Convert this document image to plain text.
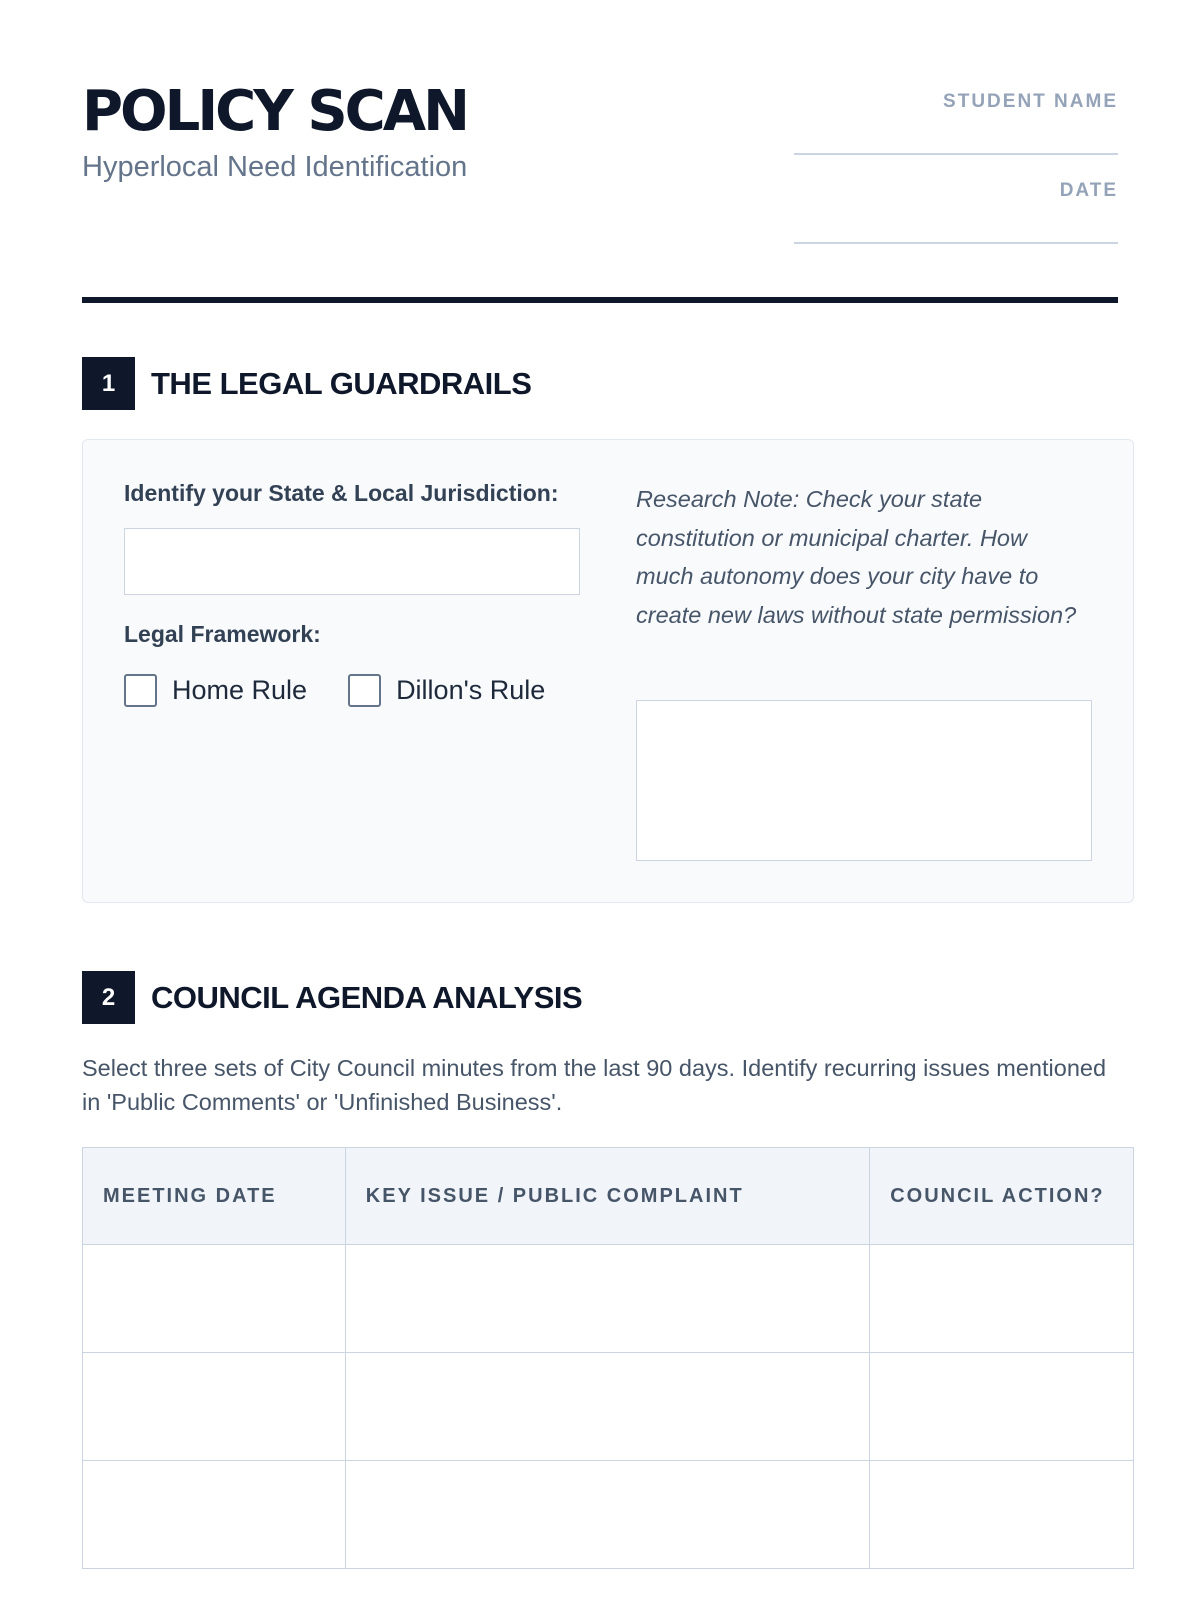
POLICY SCAN
Hyperlocal Need Identification
STUDENT NAME
DATE
1	THE LEGAL GUARDRAILS
Identify your State & Local Jurisdiction:
Legal Framework:
Home Rule	Dillon's Rule
Research Note: Check your state constitution or municipal charter. How much autonomy does your city have to create new laws without state permission?
2	COUNCIL AGENDA ANALYSIS
Select three sets of City Council minutes from the last 90 days. Identify recurring issues mentioned in 'Public Comments' or 'Unfinished Business'.
MEETING DATE	KEY ISSUE / PUBLIC COMPLAINT	COUNCIL ACTION?
